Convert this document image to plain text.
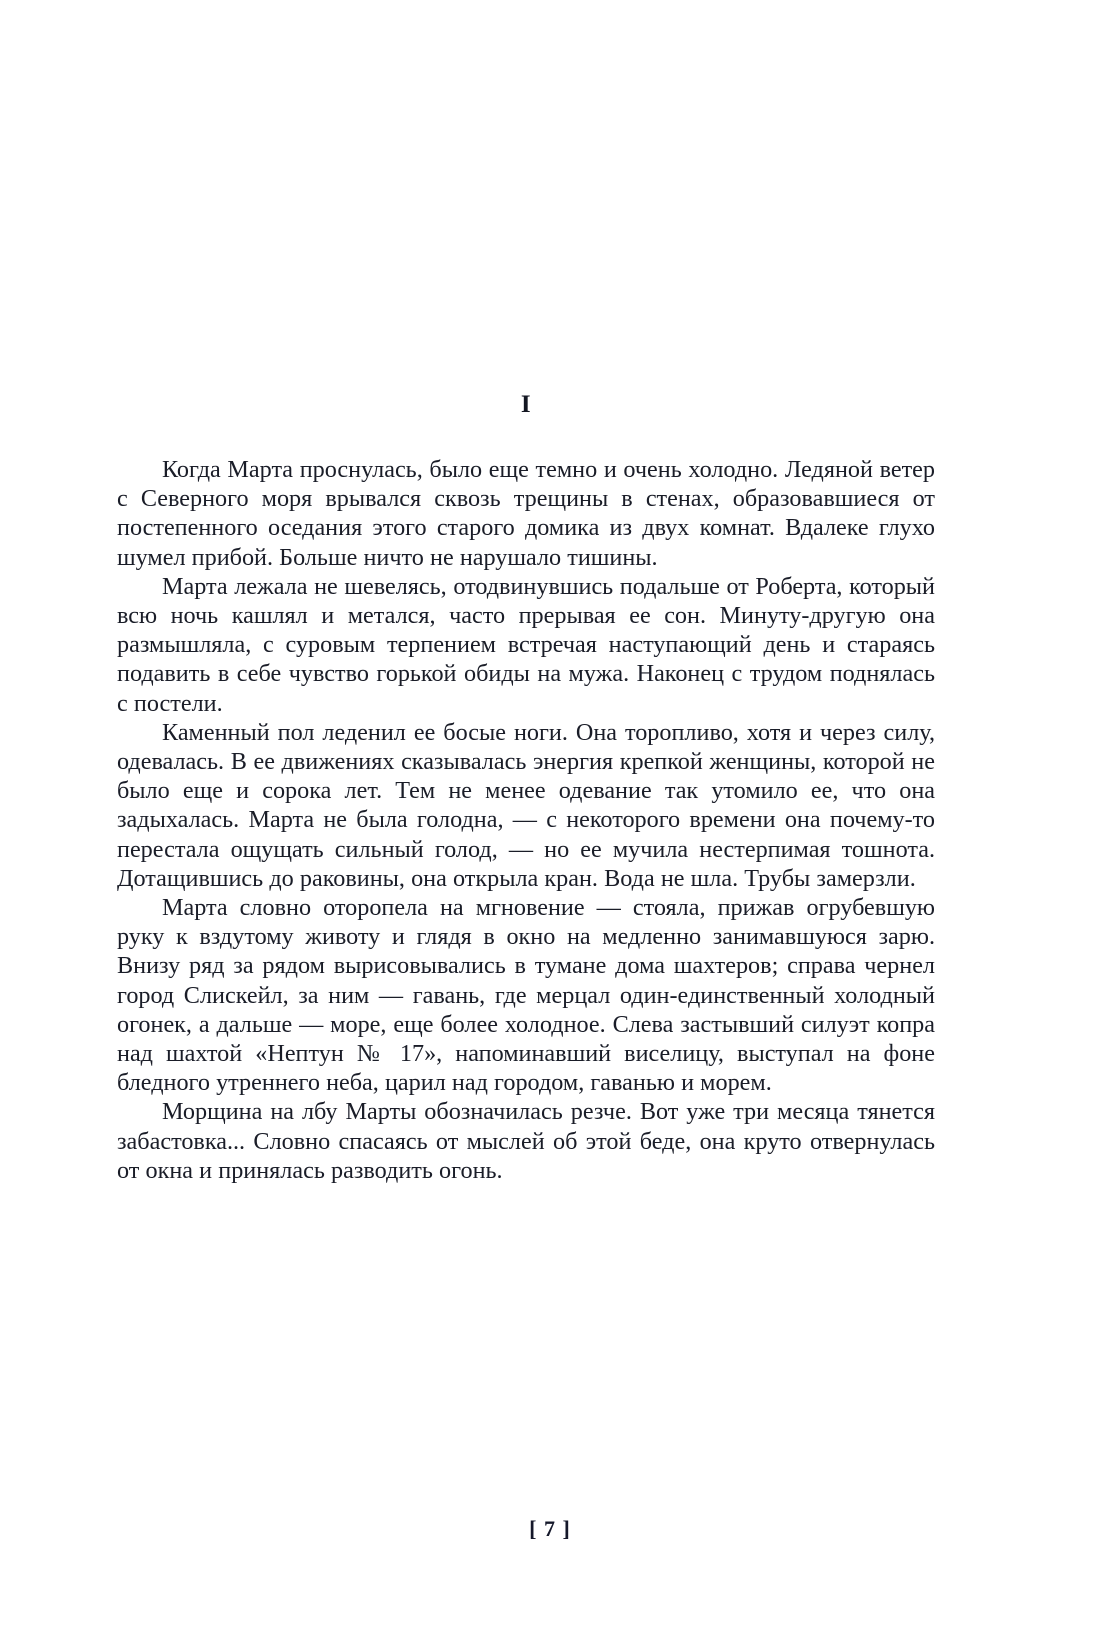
I

Когда Марта проснулась, было еще темно и очень холодно. Ледяной ветер с Северного моря врывался сквозь трещины в стенах, образовавшиеся от постепенного оседания этого старого домика из двух комнат. Вдалеке глухо шумел прибой. Больше ничто не нарушало тишины.

Марта лежала не шевелясь, отодвинувшись подальше от Роберта, который всю ночь кашлял и метался, часто прерывая ее сон. Минуту-другую она размышляла, с суровым терпением встречая наступающий день и стараясь подавить в себе чувство горькой обиды на мужа. Наконец с трудом поднялась с постели.

Каменный пол леденил ее босые ноги. Она торопливо, хотя и через силу, одевалась. В ее движениях сказывалась энергия крепкой женщины, которой не было еще и сорока лет. Тем не менее одевание так утомило ее, что она задыхалась. Марта не была голодна, — с некоторого времени она почему-то перестала ощущать сильный голод, — но ее мучила нестерпимая тошнота. Дотащившись до раковины, она открыла кран. Вода не шла. Трубы замерзли.

Марта словно оторопела на мгновение — стояла, прижав огрубевшую руку к вздутому животу и глядя в окно на медленно занимавшуюся зарю. Внизу ряд за рядом вырисовывались в тумане дома шахтеров; справа чернел город Слискейл, за ним — гавань, где мерцал один-единственный холодный огонек, а дальше — море, еще более холодное. Слева застывший силуэт копра над шахтой «Нептун № 17», напоминавший виселицу, выступал на фоне бледного утреннего неба, царил над городом, гаванью и морем.

Морщина на лбу Марты обозначилась резче. Вот уже три месяца тянется забастовка... Словно спасаясь от мыслей об этой беде, она круто отвернулась от окна и принялась разводить огонь.

[ 7 ]
